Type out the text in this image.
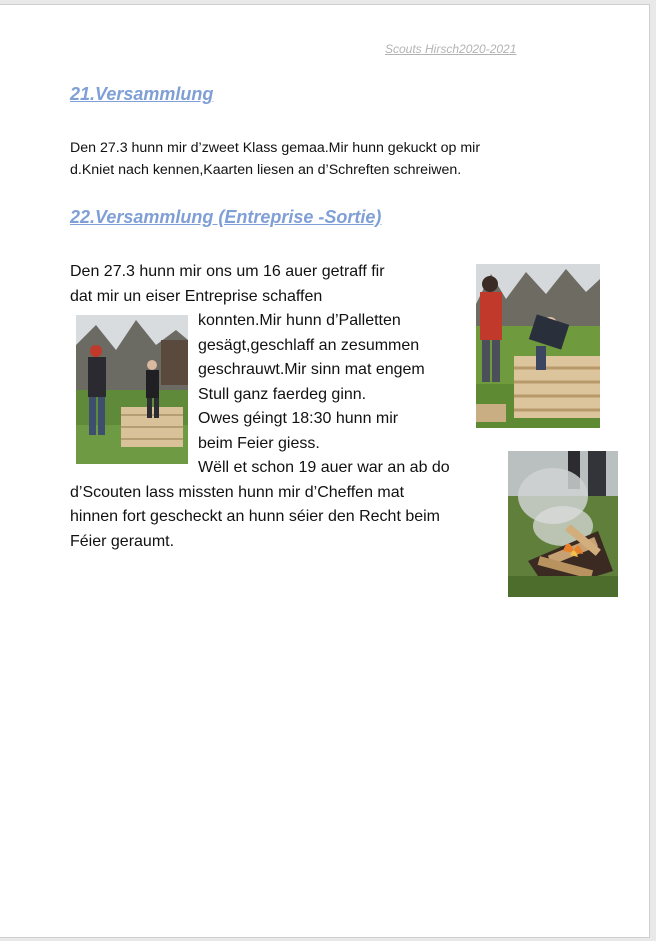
Scouts Hirsch2020-2021
21.Versammlung
Den 27.3 hunn mir d’zweet Klass gemaa.Mir hunn gekuckt op mir
d.Kniet nach kennen,Kaarten liesen an d’Schreften schreiwen.
22.Versammlung (Entreprise -Sortie)
Den 27.3 hunn mir ons um 16 auer getraff fir
dat mir un eiser Entreprise schaffen
konnten.Mir hunn d’Palletten
gesägt,geschlaff an zesummen
geschrauwt.Mir sinn mat engem
Stull ganz faerdeg ginn.
Owes géingt 18:30 hunn mir
beim Feier giess.
Wëll et schon 19 auer war an ab do
d’Scouten lass missten hunn mir d’Cheffen mat
hinnen fort gescheckt an hunn séier den Recht beim
Féier geraumt.
